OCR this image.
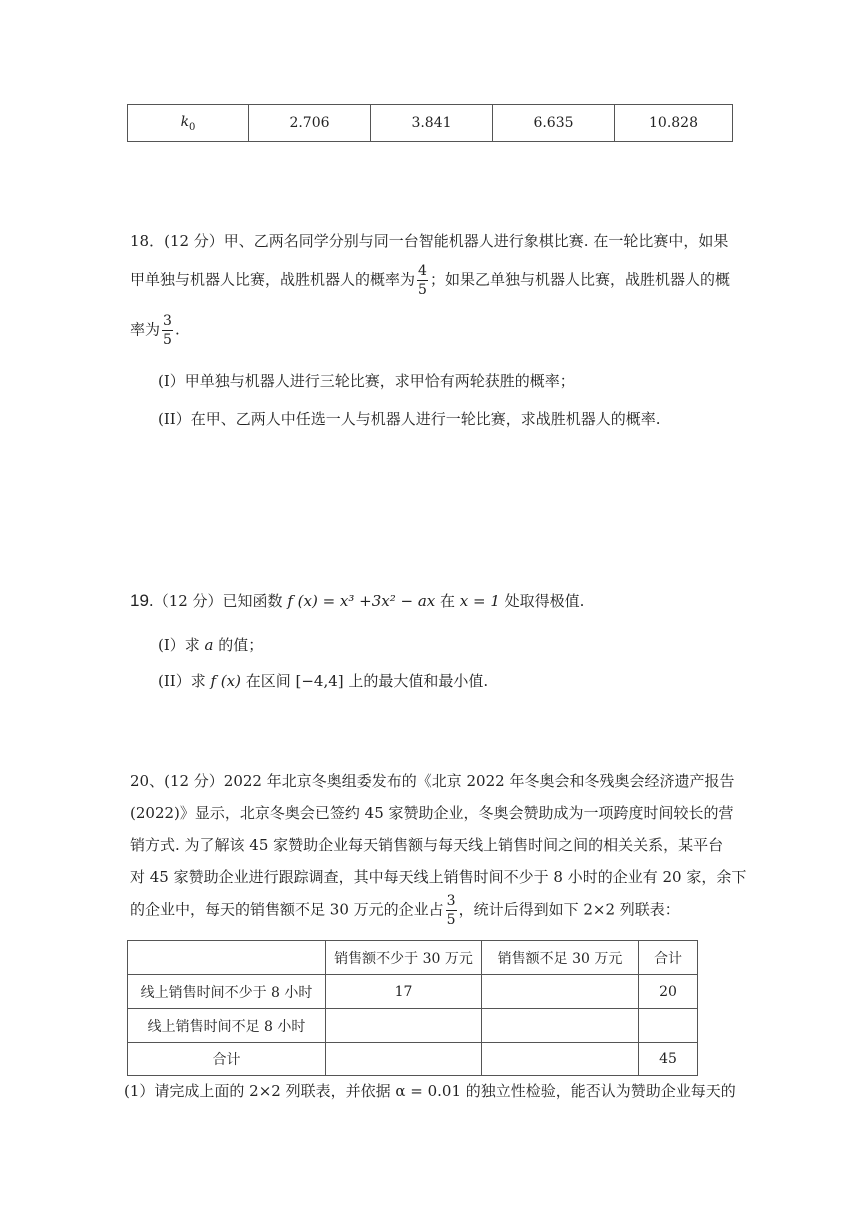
$k_0$	2.706	3.841	6.635	10.828
18．(12 分）甲、乙两名同学分别与同一台智能机器人进行象棋比赛. 在一轮比赛中，如果
甲单独与机器人比赛，战胜机器人的概率为 $\frac{4}{5}$ ；如果乙单独与机器人比赛，战胜机器人的概
率为 $\frac{3}{5}$ .
(I）甲单独与机器人进行三轮比赛，求甲恰有两轮获胜的概率；
(II）在甲、乙两人中任选一人与机器人进行一轮比赛，求战胜机器人的概率.
19.（12 分）已知函数 f (x) = x³ +3x² − ax 在 x = 1 处取得极值.
(I）求 a 的值；
(II）求 f (x) 在区间 [−4,4] 上的最大值和最小值.
20、(12 分）2022 年北京冬奥组委发布的《北京 2022 年冬奥会和冬残奥会经济遗产报告
(2022)》显示，北京冬奥会已签约 45 家赞助企业，冬奥会赞助成为一项跨度时间较长的营
销方式. 为了解该 45 家赞助企业每天销售额与每天线上销售时间之间的相关关系，某平台
对 45 家赞助企业进行跟踪调查，其中每天线上销售时间不少于 8 小时的企业有 20 家，余下
的企业中，每天的销售额不足 30 万元的企业占 $\frac{3}{5}$ ，统计后得到如下 2×2 列联表：
	销售额不少于 30 万元	销售额不足 30 万元	合计
线上销售时间不少于 8 小时	17		20
线上销售时间不足 8 小时			
合计			45
(1）请完成上面的 2×2 列联表，并依据 α = 0.01 的独立性检验，能否认为赞助企业每天的
